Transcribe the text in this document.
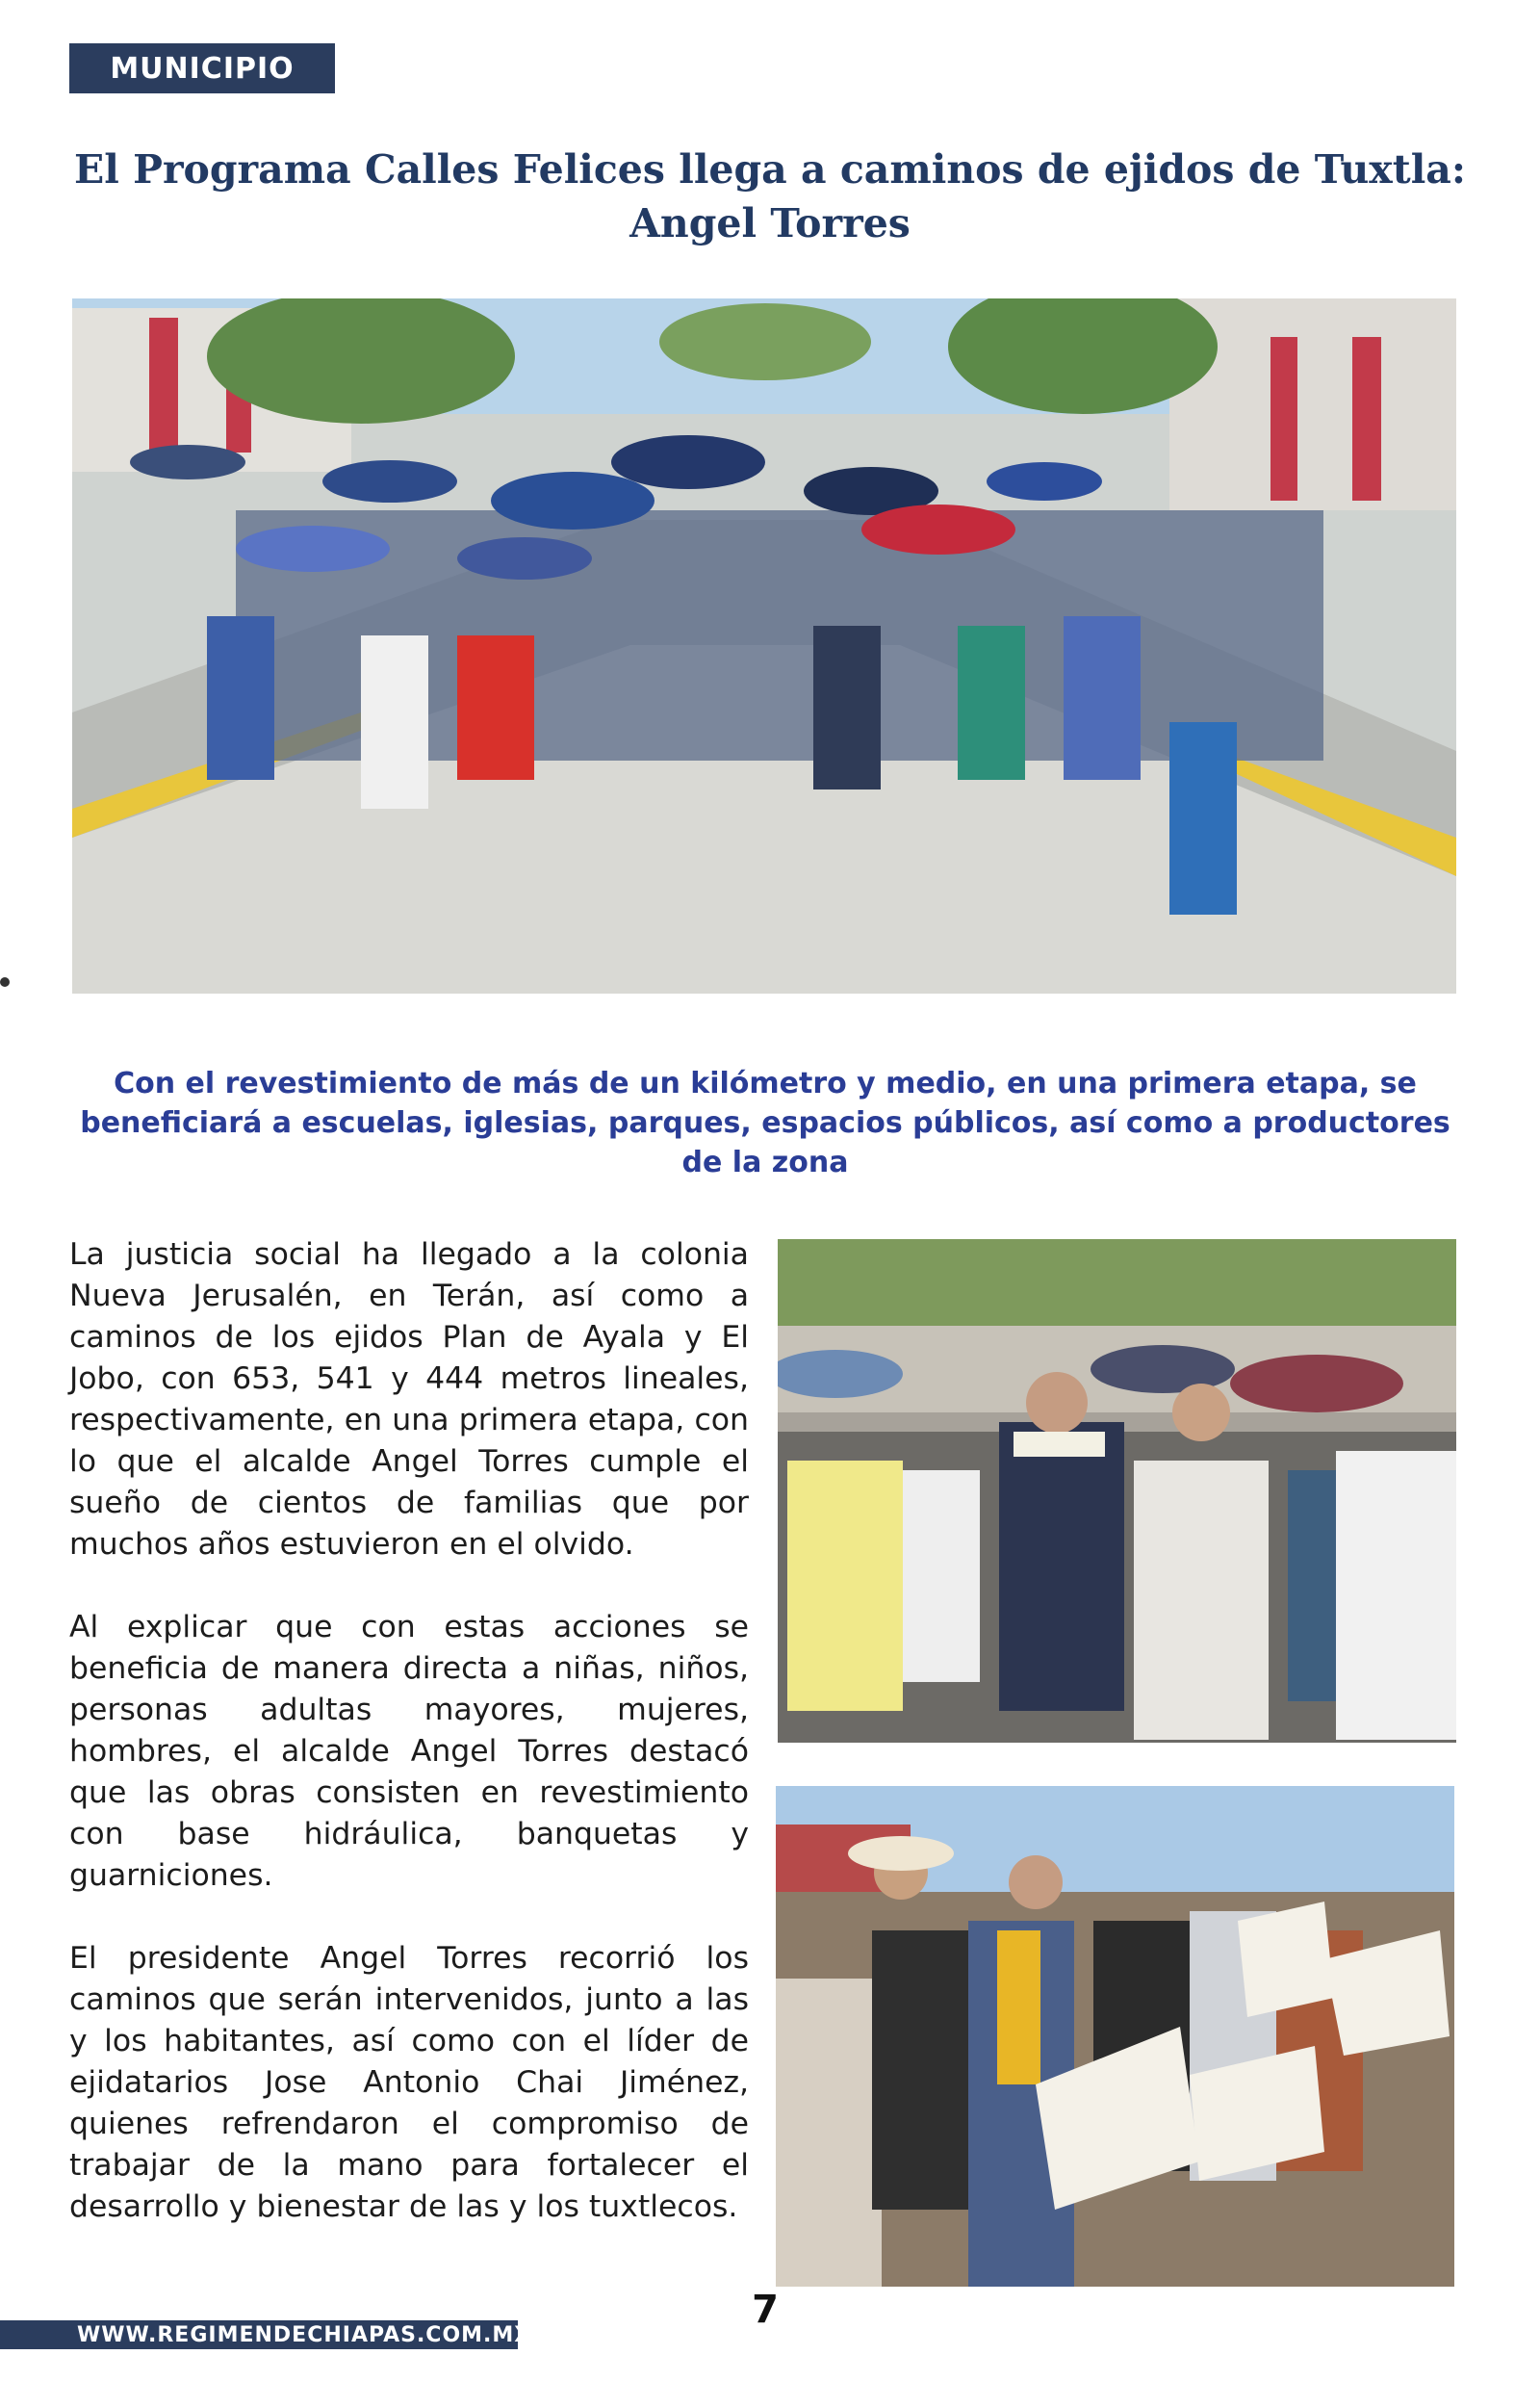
MUNICIPIO
El Programa Calles Felices llega a caminos de ejidos de Tuxtla:
Angel Torres
Con el revestimiento de más de un kilómetro y medio, en una primera etapa, se beneficiará a escuelas, iglesias, parques, espacios públicos, así como a productores de la zona

La justicia social ha llegado a la colonia Nueva Jerusalén, en Terán, así como a caminos de los ejidos Plan de Ayala y El Jobo, con 653, 541 y 444 metros lineales, respectivamente, en una primera etapa, con lo que el alcalde Angel Torres cumple el sueño de cientos de familias que por muchos años estuvieron en el olvido.

Al explicar que con estas acciones se beneficia de manera directa a niñas, niños, personas adultas mayores, mujeres, hombres, el alcalde Angel Torres destacó que las obras consisten en revestimiento con base hidráulica, banquetas y guarniciones.

El presidente Angel Torres recorrió los caminos que serán intervenidos, junto a las y los habitantes, así como con el líder de ejidatarios Jose Antonio Chai Jiménez, quienes refrendaron el compromiso de trabajar de la mano para fortalecer el desarrollo y bienestar de las y los tuxtlecos.

7
WWW.REGIMENDECHIAPAS.COM.MX
